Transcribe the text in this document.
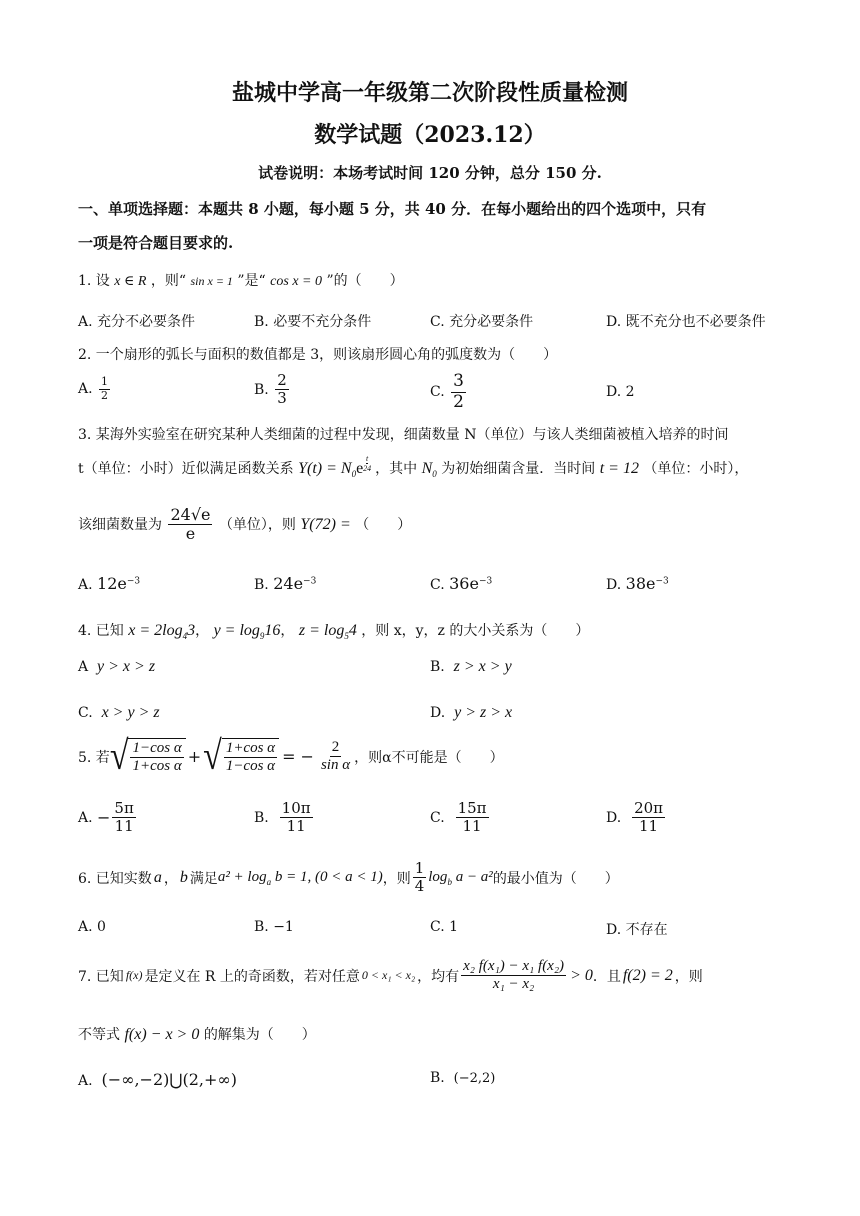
盐城中学高一年级第二次阶段性质量检测
数学试题（2023.12）
试卷说明：本场考试时间 120 分钟，总分 150 分.
一、单项选择题：本题共 8 小题，每小题 5 分，共 40 分．在每小题给出的四个选项中，只有
一项是符合题目要求的.
1. 设 x ∈ R ，则“ sin x = 1 ”是“ cos x = 0 ”的（　　）
A. 充分不必要条件	B. 必要不充分条件	C. 充分必要条件	D. 既不充分也不必要条件
2. 一个扇形的弧长与面积的数值都是 3，则该扇形圆心角的弧度数为（　　）
A. $\frac{1}{2}$	B. $\frac{2}{3}$	C. $\frac{3}{2}$	D. 2
3. 某海外实验室在研究某种人类细菌的过程中发现，细菌数量 N（单位）与该人类细菌被植入培养的时间
t（单位：小时）近似满足函数关系 $Y(t) = N_0e \frac{t}{24}$ ，其中 $N_0$ 为初始细菌含量．当时间 t = 12 （单位：小时），
该细菌数量为 $\frac{24√e}{e}$ （单位），则 Y(72) = （　　）
A. $12e^{-3}$	B. $24e^{-3}$	C. $36e^{-3}$	D. $38e^{-3}$
4. 已知 $x = 2\log_43$， $y = \log_916$， $z = \log_54$ ，则 x，y，z 的大小关系为（　　）
A y > x > z	B. z > x > y
C. x > y > z	D. y > z > x
5. 若 √ $\frac{\text{1−cos α}}{\text{1+cos α}}$ + √ $\frac{\text{1+cos α}}{\text{1−cos α}}$ = − $\frac{2}{\text{sin α}}$ ，则α不可能是（　　）
A.
− $\frac{5\pi}{11}$	B.
$\frac{10\pi}{11}$	C.
$\frac{15\pi}{11}$	D.
$\frac{20\pi}{11}$
6. 已知实数 a ， b 满足 $a^2 + \log_a b = 1$, (0 < a < 1) ，则 $\frac{1}{4} \log_b a - a^2$ 的最小值为（　　）
A. 0	B. −1	C. 1	D. 不存在
7. 已知 f(x) 是定义在 R 上的奇函数，若对任意 0 < x₁ < x₂ ，均有 $\frac{\text{x₂ f(x₁) − x₁ f(x₂)}}{\text{x₁ − x₂}} > 0$ ．且 f(2) = 2 ，则
不等式 f(x) − x > 0 的解集为（　　）
A. (−∞,−2)⋃(2,+∞)	B. (−2,2)
